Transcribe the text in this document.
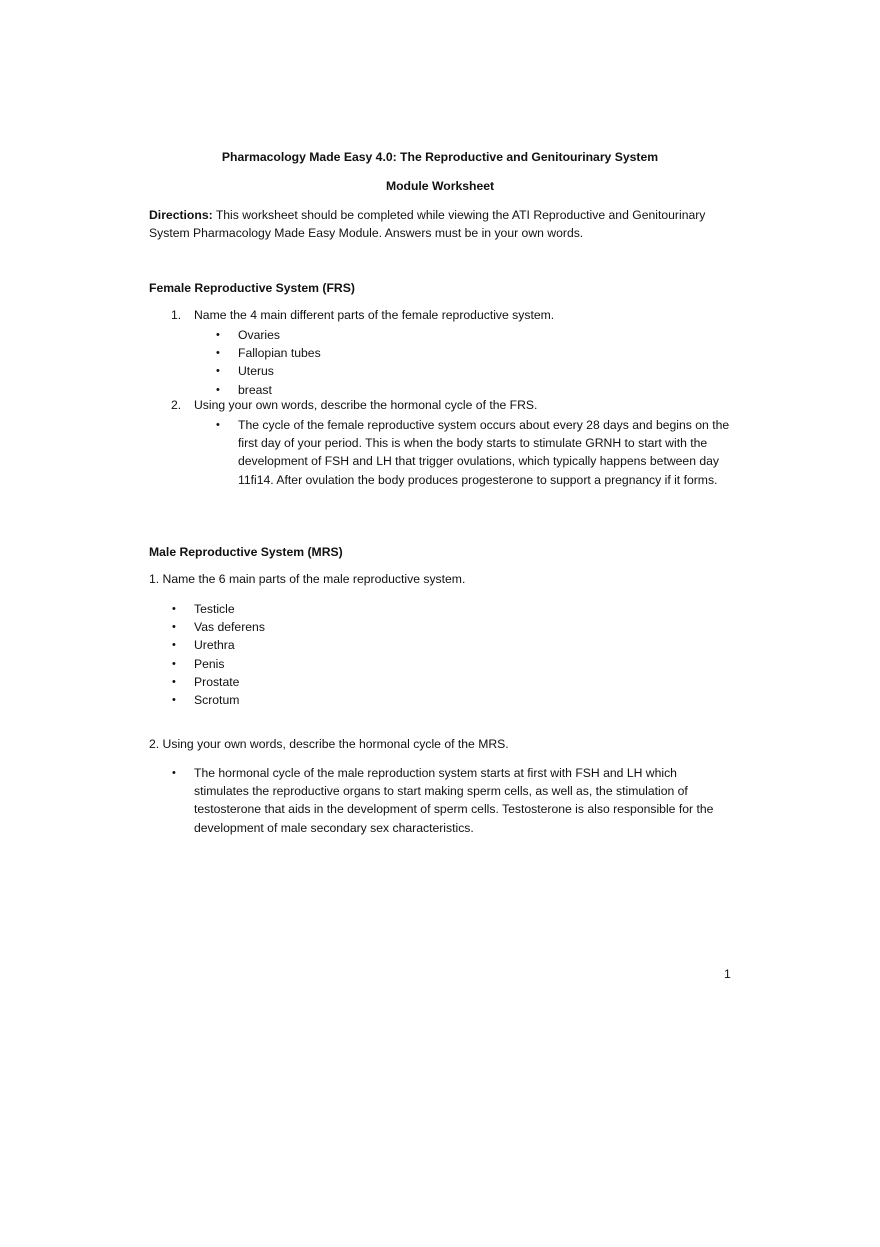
Pharmacology Made Easy 4.0: The Reproductive and Genitourinary System
Module Worksheet
Directions: This worksheet should be completed while viewing the ATI Reproductive and Genitourinary System Pharmacology Made Easy Module. Answers must be in your own words.
Female Reproductive System (FRS)
1. Name the 4 main different parts of the female reproductive system.
• Ovaries
• Fallopian tubes
• Uterus
• breast
2. Using your own words, describe the hormonal cycle of the FRS.
• The cycle of the female reproductive system occurs about every 28 days and begins on the first day of your period. This is when the body starts to stimulate GRNH to start with the development of FSH and LH that trigger ovulations, which typically happens between day 11fi14. After ovulation the body produces progesterone to support a pregnancy if it forms.
Male Reproductive System (MRS)
1. Name the 6 main parts of the male reproductive system.
• Testicle
• Vas deferens
• Urethra
• Penis
• Prostate
• Scrotum
2. Using your own words, describe the hormonal cycle of the MRS.
• The hormonal cycle of the male reproduction system starts at first with FSH and LH which stimulates the reproductive organs to start making sperm cells, as well as, the stimulation of testosterone that aids in the development of sperm cells. Testosterone is also responsible for the development of male secondary sex characteristics.
1
